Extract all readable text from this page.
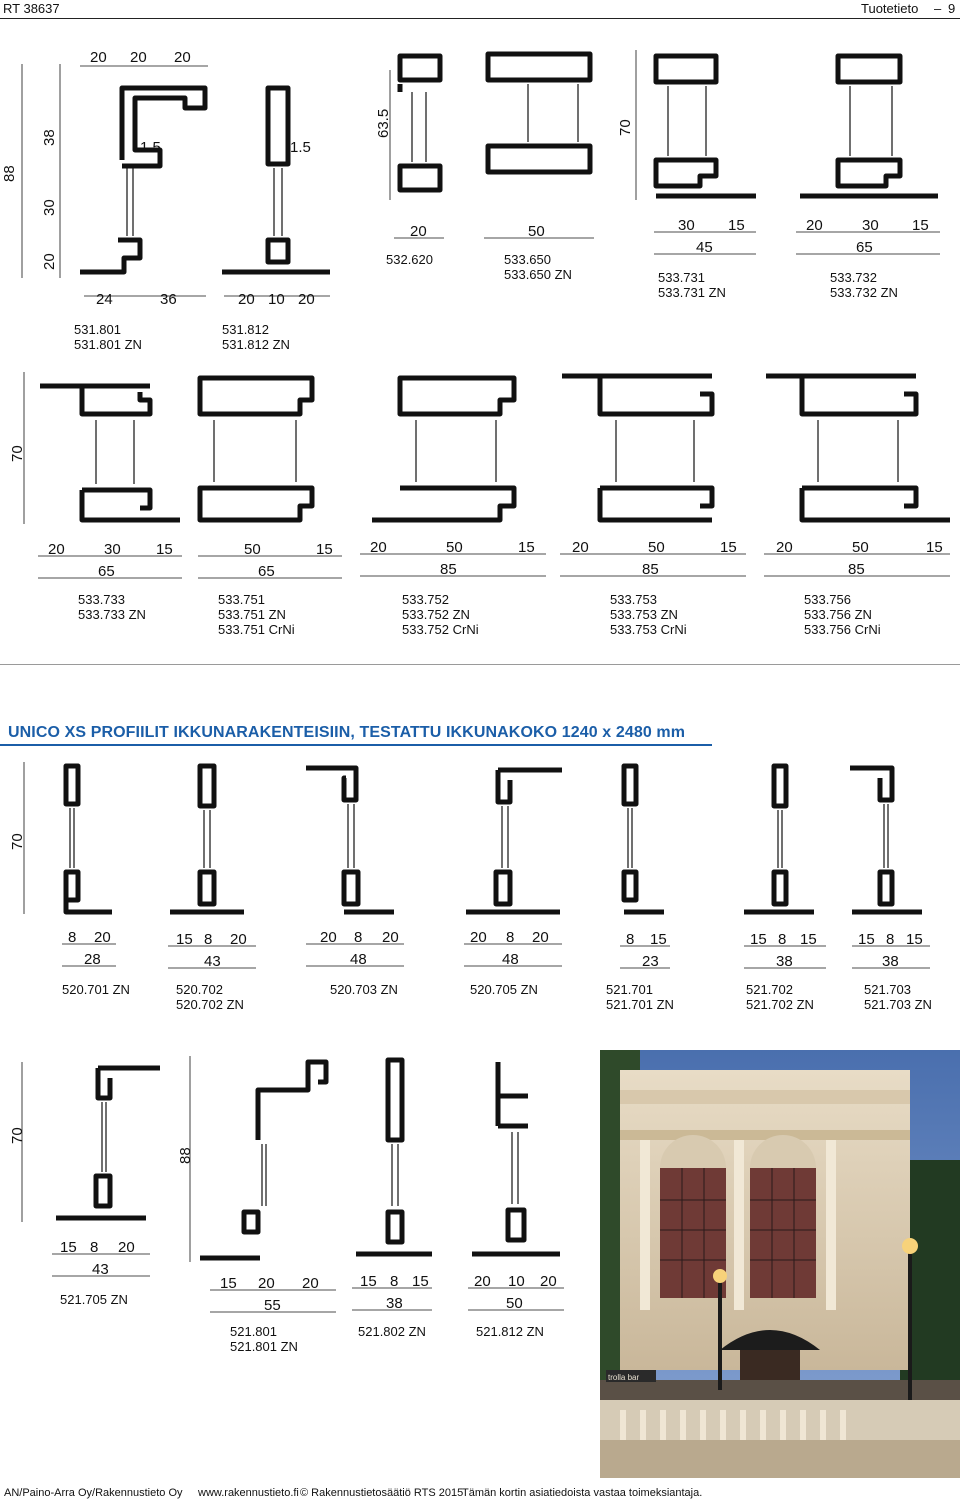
RT 38637	Tuotetieto – 9
88
38
30
20
20 20 20
1.5	1.5
24	36	20 10 20
63.5
20	50
70
30 15
45
20	30 15
65
70
20	30 15
65
50	15
65
20	50	15
85
20	50	15
85
20	50	15
85
70
8 20
28
15 8 20
43
20 8 20
48
20 8 20
48
8 15
23
15 8 15
38
15 8 15
38
70
88
15 8 20
43
15 20 20
55
15 8 15
38
20 10 20
50
531.801
531.801 ZN
531.812
531.812 ZN
532.620	533.650
533.650 ZN	533.731
533.731 ZN
533.732
533.732 ZN
533.733
533.733 ZN
533.751
533.751 ZN
533.751 CrNi
533.752
533.752 ZN
533.752 CrNi
533.753
533.753 ZN
533.753 CrNi
533.756
533.756 ZN
533.756 CrNi
UNICO XS PROFIILIT IKKUNARAKENTEISIIN, TESTATTU IKKUNAKOKO 1240 x 2480 mm
520.701 ZN	520.702
520.702 ZN
520.703 ZN	520.705 ZN	521.701
521.701 ZN
521.702
521.702 ZN
521.703
521.703 ZN
521.705 ZN
521.801
521.801 ZN
521.802 ZN	521.812 ZN
trolla bar
AN/Paino-Arra Oy/Rakennustieto Oy www.rakennustieto.fi © Rakennustietosäätiö RTS 2015
Tämän kortin asiatiedoista vastaa toimeksiantaja.
